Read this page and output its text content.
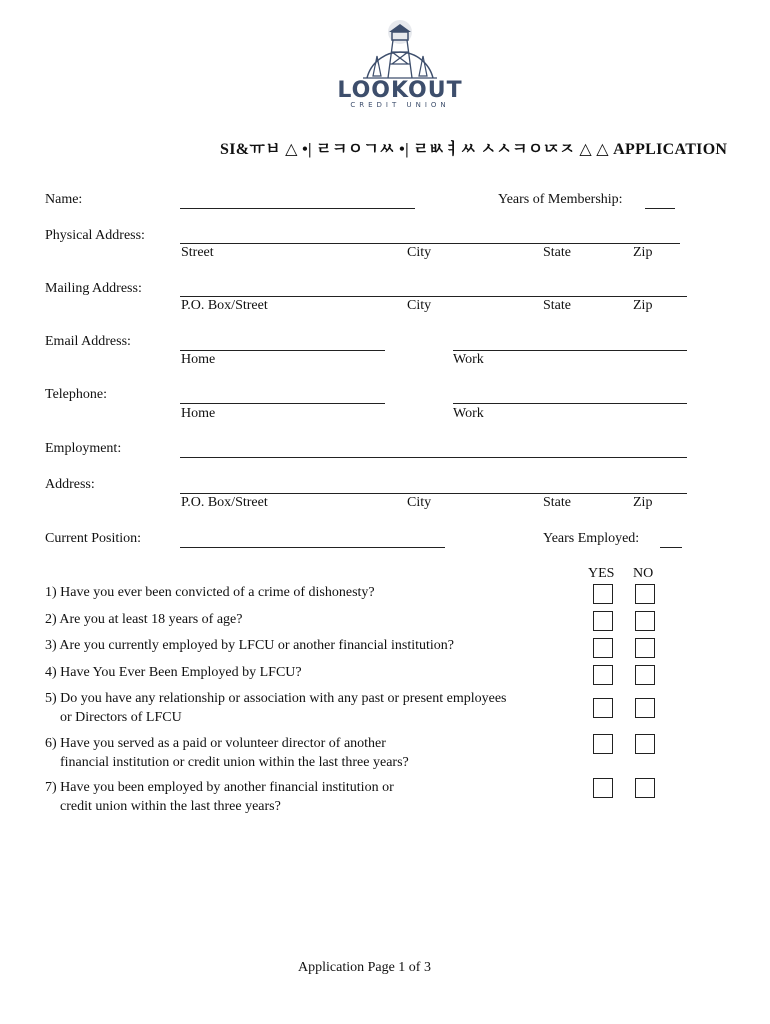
LOOKOUT
CREDIT UNION
SI&ㅠㅂ △ •| ㄹㅋㅇㄱㅆ •| ㄹㅄㅕㅆ ㅅㅅㅋㅇㄵㅈ △ △ APPLICATION
Name:	Years of Membership:
Physical Address:
Street	City	State	Zip
Mailing Address:
P.O. Box/Street	City	State	Zip
Email Address:
Home	Work
Telephone:
Home	Work
Employment:
Address:
P.O. Box/Street	City	State	Zip
Current Position:	Years Employed:
YES NO
1) Have you ever been convicted of a crime of dishonesty?
2) Are you at least 18 years of age?
3) Are you currently employed by LFCU or another financial institution?
4) Have You Ever Been Employed by LFCU?
5) Do you have any relationship or association with any past or present employees
or Directors of LFCU
6) Have you served as a paid or volunteer director of another
financial institution or credit union within the last three years?
7) Have you been employed by another financial institution or
credit union within the last three years?
Application Page 1 of 3
